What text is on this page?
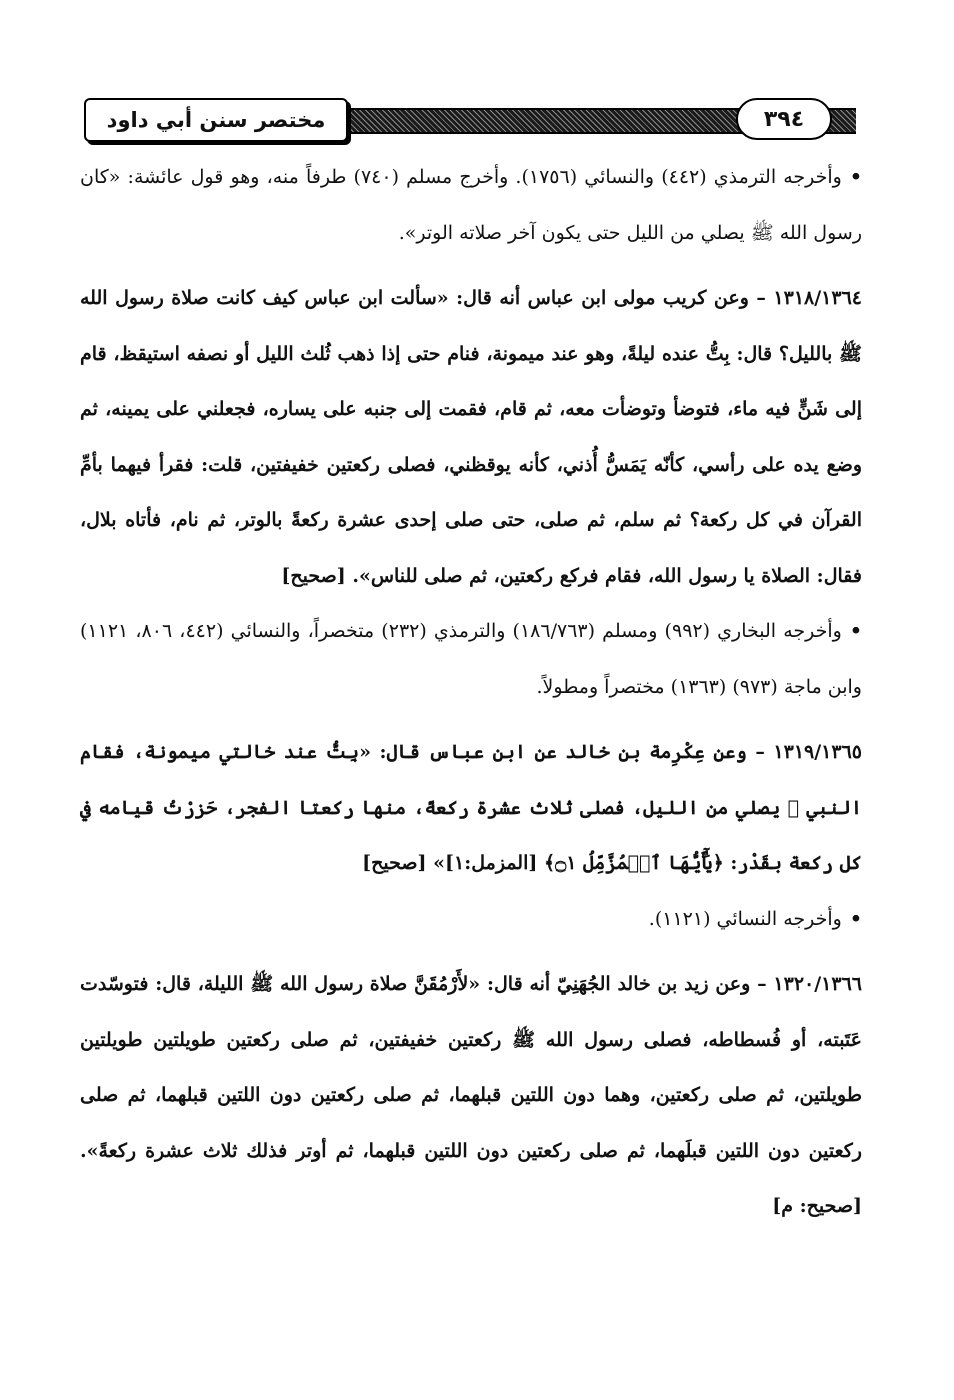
مختصر سنن أبي داود	٣٩٤

• وأخرجه الترمذي (٤٤٢) والنسائي (١٧٥٦). وأخرج مسلم (٧٤٠) طرفاً منه، وهو قول عائشة: «كان رسول الله ﷺ يصلي من الليل حتى يكون آخر صلاته الوتر».

١٣١٨/١٣٦٤ – وعن كريب مولى ابن عباس أنه قال: «سألت ابن عباس كيف كانت صلاة رسول الله ﷺ بالليل؟ قال: بِتُّ عنده ليلةً، وهو عند ميمونة، فنام حتى إذا ذهب ثُلث الليل أو نصفه استيقظ، قام إلى شَنٍّ فيه ماء، فتوضأ وتوضأت معه، ثم قام، فقمت إلى جنبه على يساره، فجعلني على يمينه، ثم وضع يده على رأسي، كأنّه يَمَسُّ أُذني، كأنه يوقظني، فصلى ركعتين خفيفتين، قلت: فقرأ فيهما بأمِّ القرآن في كل ركعة؟ ثم سلم، ثم صلى، حتى صلى إحدى عشرة ركعةً بالوتر، ثم نام، فأتاه بلال، فقال: الصلاة يا رسول الله، فقام فركع ركعتين، ثم صلى للناس». [صحيح]

• وأخرجه البخاري (٩٩٢) ومسلم (١٨٦/٧٦٣) والترمذي (٢٣٢) متخصراً، والنسائي (٤٤٢، ٨٠٦، ١١٢١) وابن ماجة (٩٧٣) (١٣٦٣) مختصراً ومطولاً.

١٣١٩/١٣٦٥ – وعن عِكْرِمة بن خالد عن ابن عباس قال: «بِتُّ عند خالتي ميمونة، فقام النبي ﷺ يصلي من الليل، فصلى ثلاث عشرة ركعةً، منها ركعتا الفجر، حَزرْتُ قيامه في كل ركعة بقَدْر: ﴿يَٰٓأَيُّهَا ٱلۡمُزَّمِّلُ ۝١﴾ [المزمل:١]» [صحيح]

• وأخرجه النسائي (١١٢١).

١٣٢٠/١٣٦٦ – وعن زيد بن خالد الجُهَنِيّ أنه قال: «لأَرْمُقَنَّ صلاة رسول الله ﷺ الليلة، قال: فتوسّدت عَتَبته، أو فُسطاطه، فصلى رسول الله ﷺ ركعتين خفيفتين، ثم صلى ركعتين طويلتين طويلتين طويلتين، ثم صلى ركعتين، وهما دون اللتين قبلهما، ثم صلى ركعتين دون اللتين قبلهما، ثم صلى ركعتين دون اللتين قبلَهما، ثم صلى ركعتين دون اللتين قبلهما، ثم أوتر فذلك ثلاث عشرة ركعةً». [صحيح: م]
